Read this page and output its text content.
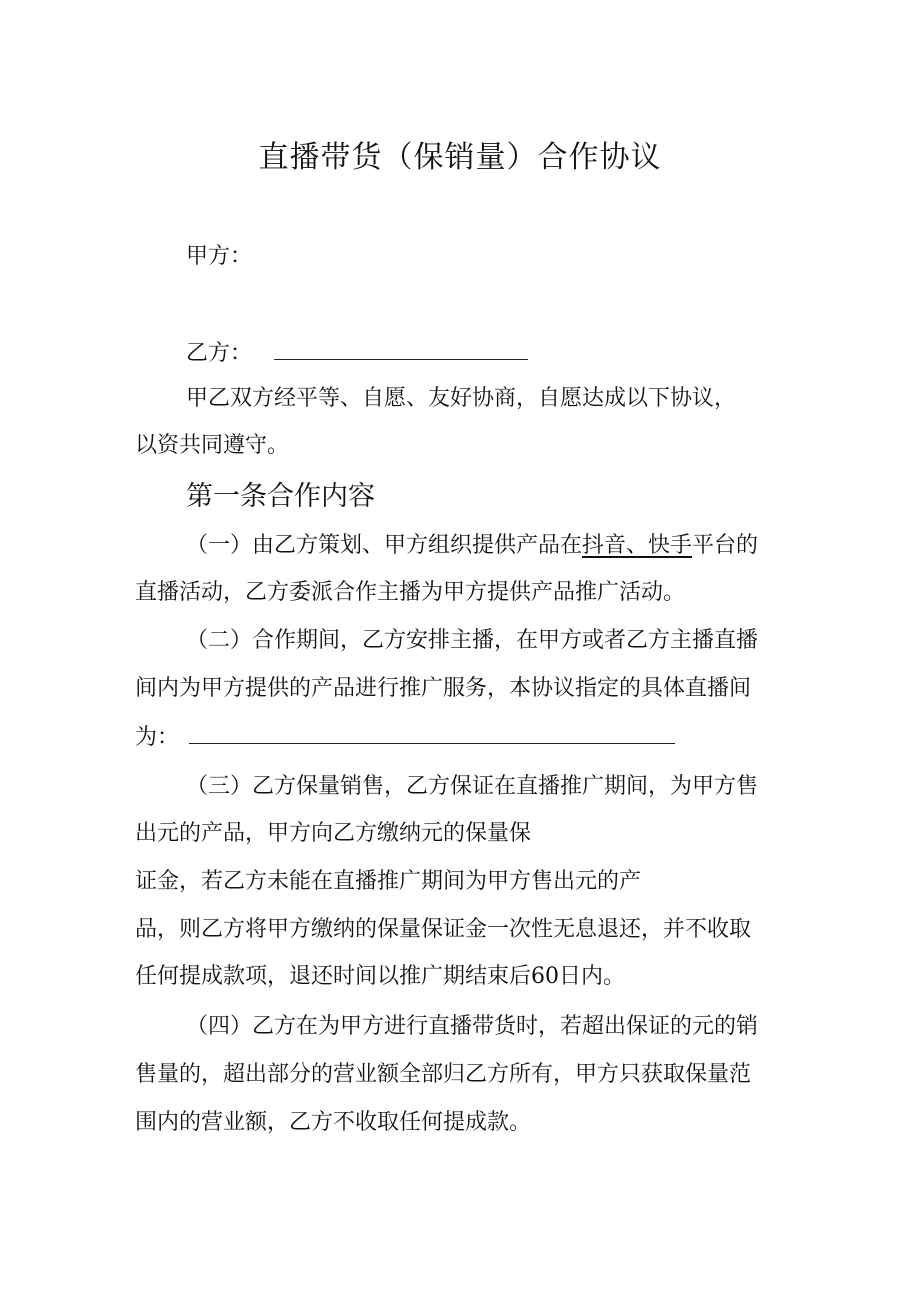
直播带货（保销量）合作协议
甲方：
乙方：
甲乙双方经平等、自愿、友好协商，自愿达成以下协议，
以资共同遵守。
第一条合作内容
（一）由乙方策划、甲方组织提供产品在抖音、快手平台的
直播活动，乙方委派合作主播为甲方提供产品推广活动。
（二）合作期间，乙方安排主播，在甲方或者乙方主播直播
间内为甲方提供的产品进行推广服务，本协议指定的具体直播间
为：
（三）乙方保量销售，乙方保证在直播推广期间，为甲方售
出元的产品，甲方向乙方缴纳元的保量保
证金，若乙方未能在直播推广期间为甲方售出元的产
品，则乙方将甲方缴纳的保量保证金一次性无息退还，并不收取
任何提成款项，退还时间以推广期结束后60日内。
（四）乙方在为甲方进行直播带货时，若超出保证的元的销
售量的，超出部分的营业额全部归乙方所有，甲方只获取保量范
围内的营业额，乙方不收取任何提成款。
